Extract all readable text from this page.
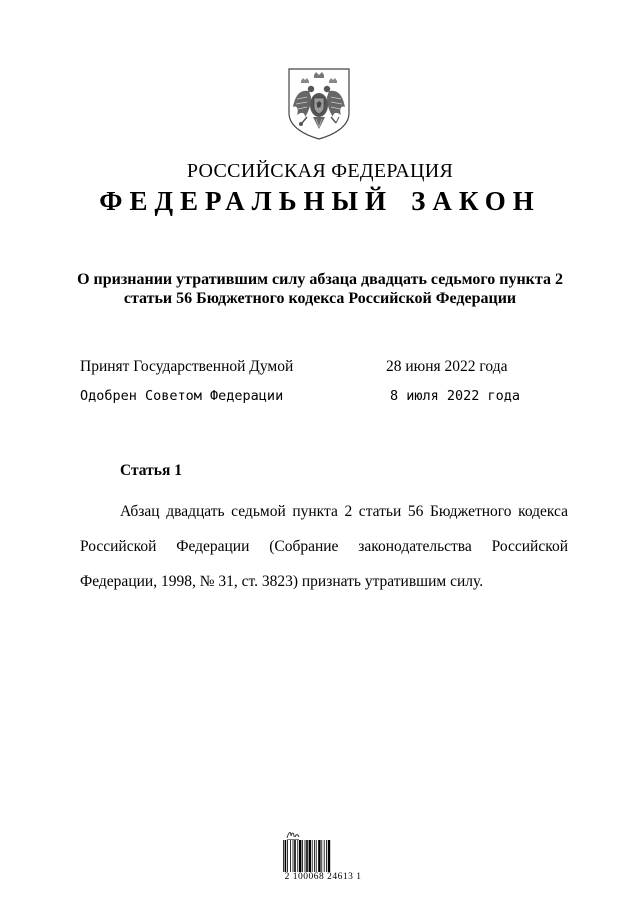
РОССИЙСКАЯ ФЕДЕРАЦИЯ
ФЕДЕРАЛЬНЫЙ ЗАКОН
О признании утратившим силу абзаца двадцать седьмого пункта 2
статьи 56 Бюджетного кодекса Российской Федерации
Принят Государственной Думой	28 июня 2022 года
Одобрен Советом Федерации	8 июля 2022 года
Статья 1
Абзац двадцать седьмой пункта 2 статьи 56 Бюджетного кодекса Российской Федерации (Собрание законодательства Российской Федерации, 1998, № 31, ст. 3823) признать утратившим силу.
2 100068 24613 1
